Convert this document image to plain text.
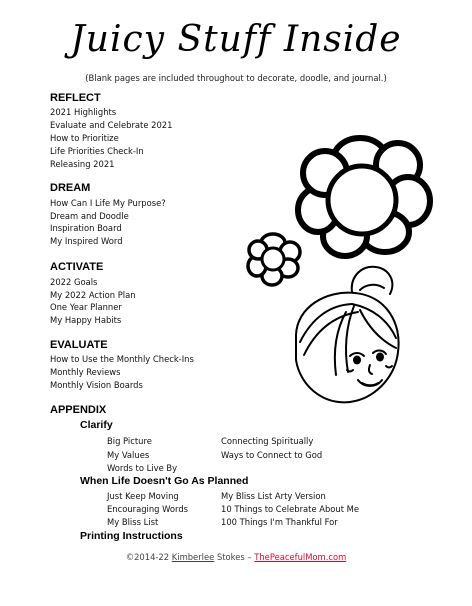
Juicy Stuff Inside
(Blank pages are included throughout to decorate, doodle, and journal.)
REFLECT
2021 Highlights
Evaluate and Celebrate 2021
How to Prioritize
Life Priorities Check-In
Releasing 2021
DREAM
How Can I Life My Purpose?
Dream and Doodle
Inspiration Board
My Inspired Word
ACTIVATE
2022 Goals
My 2022 Action Plan
One Year Planner
My Happy Habits
EVALUATE
How to Use the Monthly Check-Ins
Monthly Reviews
Monthly Vision Boards
APPENDIX
Clarify
Big Picture
My Values
Words to Live By
Connecting Spiritually
Ways to Connect to God
When Life Doesn't Go As Planned
Just Keep Moving
Encouraging Words
My Bliss List
My Bliss List Arty Version
10 Things to Celebrate About Me
100 Things I'm Thankful For
Printing Instructions
©2014-22 Kimberlee Stokes – ThePeacefulMom.com
